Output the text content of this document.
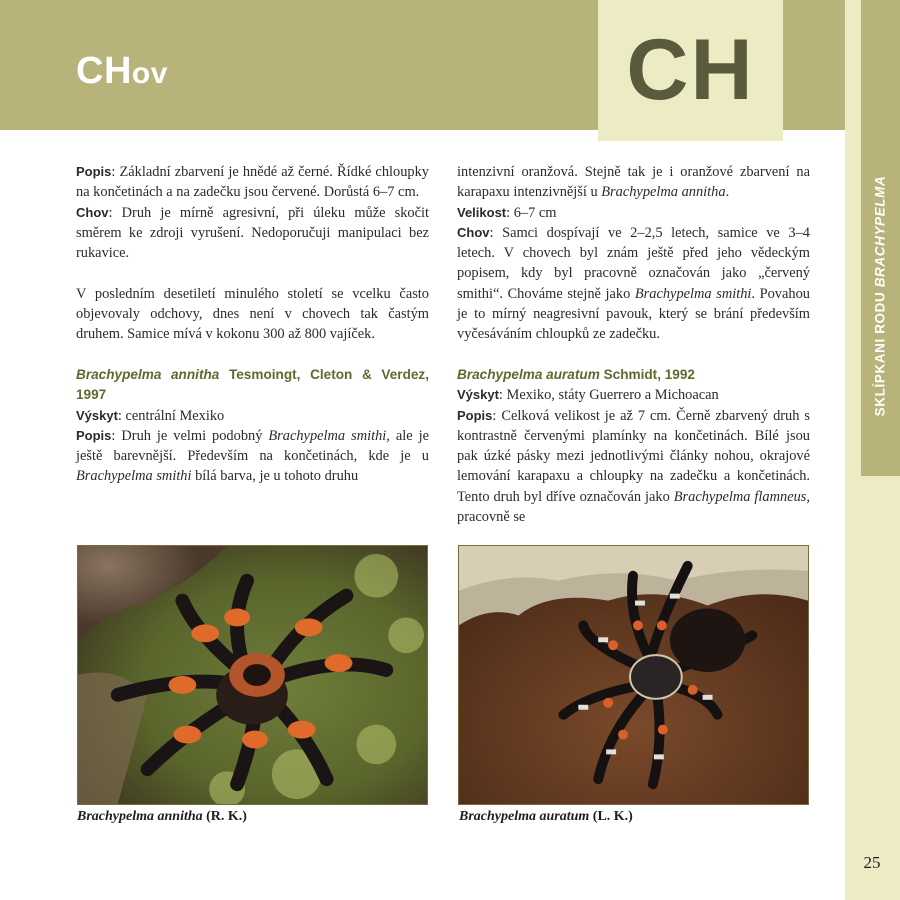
CHov	CH
SKLÍPKANI RODU BRACHYPELMA

Popis: Základní zbarvení je hnědé až černé. Řídké chloupky na končetinách a na zadečku jsou červené. Dorůstá 6–7 cm.

Chov: Druh je mírně agresivní, při úleku může skočit směrem ke zdroji vyrušení. Nedoporučuji manipulaci bez rukavice.

V posledním desetiletí minulého století se vcelku často objevovaly odchovy, dnes není v chovech tak častým druhem. Samice mívá v kokonu 300 až 800 vajíček.

Brachypelma annitha Tesmoingt, Cleton & Verdez, 1997

Výskyt: centrální Mexiko

Popis: Druh je velmi podobný Brachypelma smithi, ale je ještě barevnější. Především na končetinách, kde je u Brachypelma smithi bílá barva, je u tohoto druhu

intenzivní oranžová. Stejně tak je i oranžové zbarvení na karapaxu intenzivnější u Brachypelma annitha.

Velikost: 6–7 cm

Chov: Samci dospívají ve 2–2,5 letech, samice ve 3–4 letech. V chovech byl znám ještě před jeho vědeckým popisem, kdy byl pracovně označován jako „červený smithi“. Chováme stejně jako Brachypelma smithi. Povahou je to mírný neagresivní pavouk, který se brání především vyčesáváním chloupků ze zadečku.

Brachypelma auratum Schmidt, 1992

Výskyt: Mexiko, státy Guerrero a Michoacan

Popis: Celková velikost je až 7 cm. Černě zbarvený druh s kontrastně červenými plamínky na končetinách. Bílé jsou pak úzké pásky mezi jednotlivými články nohou, okrajové lemování karapaxu a chloupky na zadečku a končetinách. Tento druh byl dříve označován jako Brachypelma flamneus, pracovně se

Brachypelma annitha (R. K.)	Brachypelma auratum (L. K.)
25
